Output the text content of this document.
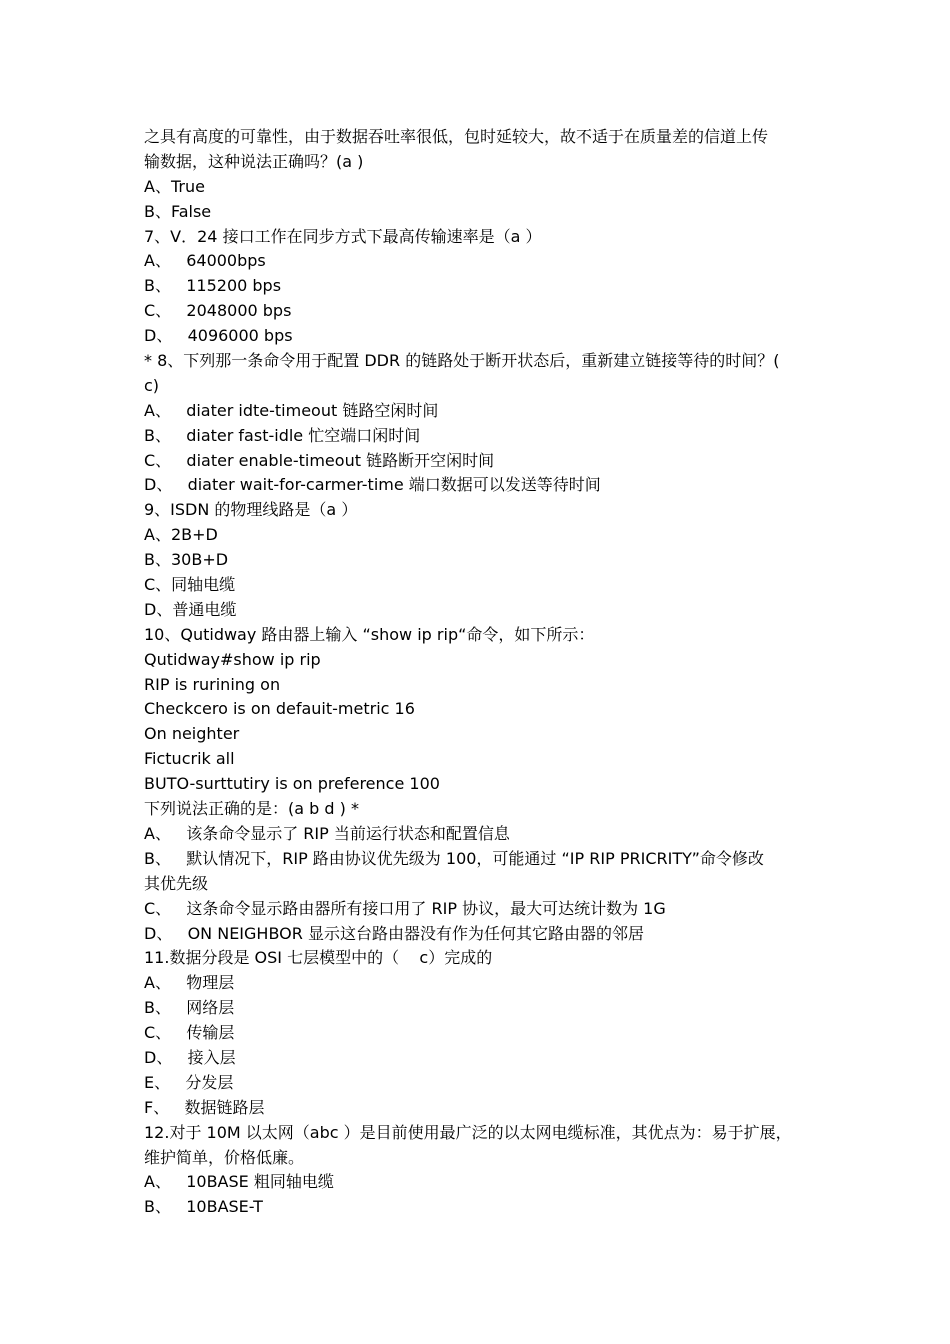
之具有高度的可靠性，由于数据吞吐率很低，包时延较大，故不适于在质量差的信道上传
输数据，这种说法正确吗？(a )
A、True
B、False
7、V．24 接口工作在同步方式下最高传输速率是（a ）
A、   64000bps
B、   115200 bps
C、   2048000 bps
D、   4096000 bps
* 8、下列那一条命令用于配置 DDR 的链路处于断开状态后，重新建立链接等待的时间？(
c)
A、   diater idte-timeout 链路空闲时间
B、   diater fast-idle 忙空端口闲时间
C、   diater enable-timeout 链路断开空闲时间
D、   diater wait-for-carmer-time 端口数据可以发送等待时间
9、ISDN 的物理线路是（a ）
A、2B+D
B、30B+D
C、同轴电缆
D、普通电缆
10、Qutidway 路由器上输入 “show ip rip“命令，如下所示：
Qutidway#show ip rip
RIP is rurining on
Checkcero is on defauit-metric 16
On neighter
Fictucrik all
BUTO-surttutiry is on preference 100
下列说法正确的是：(a b d ) *
A、   该条命令显示了 RIP 当前运行状态和配置信息
B、   默认情况下，RIP 路由协议优先级为 100，可能通过 “IP RIP PRICRITY”命令修改
其优先级
C、   这条命令显示路由器所有接口用了 RIP 协议，最大可达统计数为 1G
D、   ON NEIGHBOR 显示这台路由器没有作为任何其它路由器的邻居
11.数据分段是 OSI 七层模型中的（    c）完成的
A、   物理层
B、   网络层
C、   传输层
D、   接入层
E、   分发层
F、   数据链路层
12.对于 10M 以太网（abc ）是目前使用最广泛的以太网电缆标准，其优点为：易于扩展，
维护简单，价格低廉。
A、   10BASE 粗同轴电缆
B、   10BASE-T
